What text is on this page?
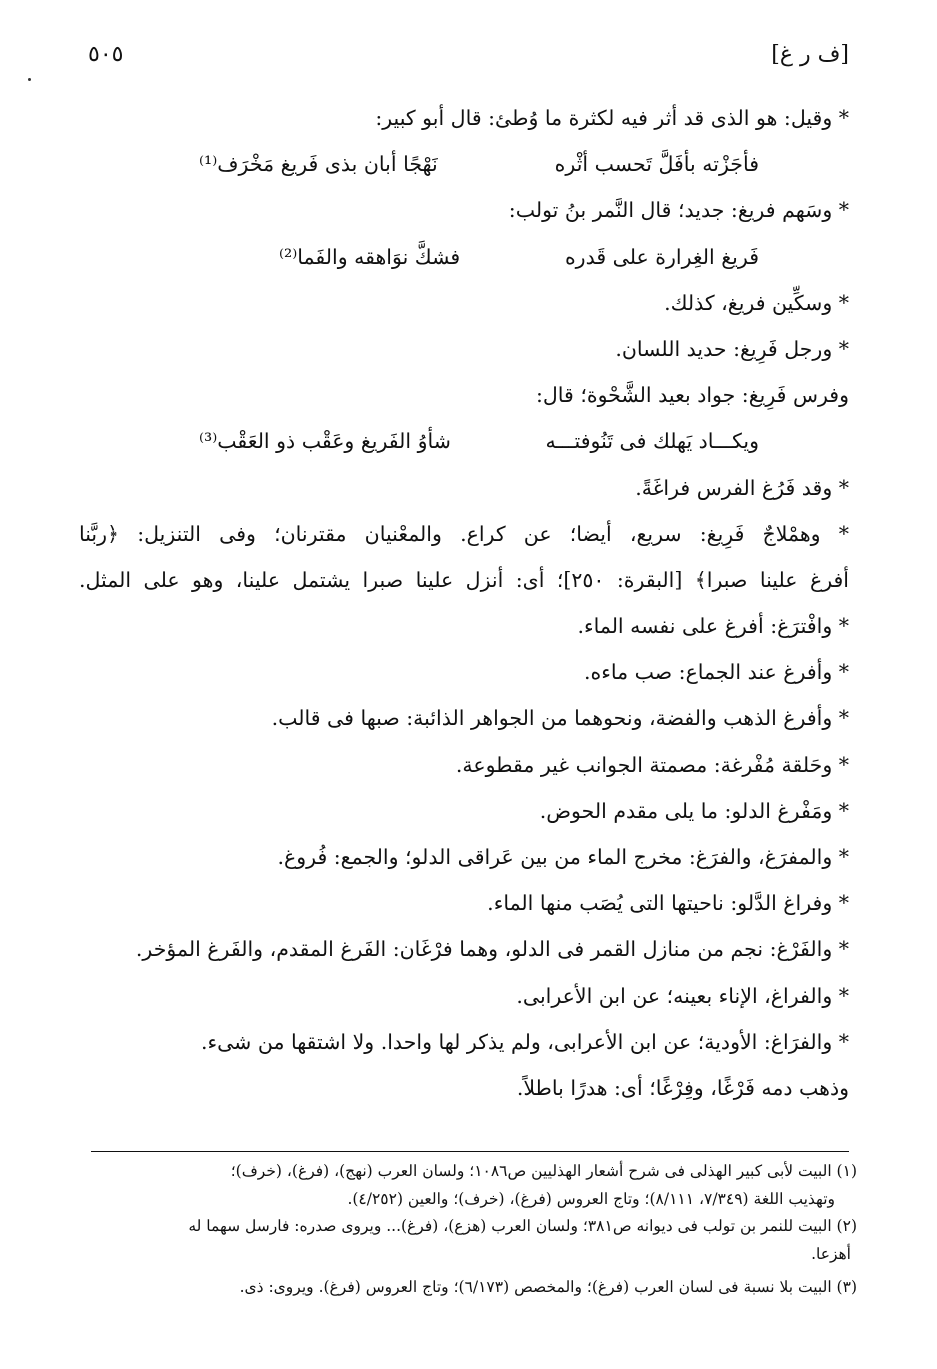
[ف ر غ]
٥٠٥
* وقيل: هو الذى قد أثر فيه لكثرة ما وُطئ: قال أبو كبير:
فأجَزْته بأفَلَّ تَحسب أثْره
نَهْجًا أبان بذى فَريغ مَخْرَف⁽¹⁾
* وسَهم فريغ: جديد؛ قال النَّمر بنُ تولب:
فَريغ الغِرارة على قَدره
فشكَّ نوَاهقه والفَما⁽²⁾
* وسكِّين فريغ، كذلك.
* ورجل فَرِيغ: حديد اللسان.
وفرس فَرِيغ: جواد بعيد الشَّحْوة؛ قال:
ويكـــاد يَهلك فى تَنُوفتـــه
شأوُ الفَريغ وعَقْب ذو العَقْب⁽³⁾
* وقد فَرُغ الفرس فراغَةً.
* وهمْلاجٌ فَرِيغ: سريع، أيضا؛ عن كراع. والمعْنيان مقترنان؛ وفى التنزيل: ﴿ربَّنا
أفرغ علينا صبرا﴾ [البقرة: ٢٥٠]؛ أى: أنزل علينا صبرا يشتمل علينا، وهو على المثل.
* وافْترَغ: أفرغ على نفسه الماء.
* وأفرغ عند الجماع: صب ماءه.
* وأفرغ الذهب والفضة، ونحوهما من الجواهر الذائبة: صبها فى قالب.
* وحَلقة مُفْرغة: مصمتة الجوانب غير مقطوعة.
* ومَفْرغ الدلو: ما يلى مقدم الحوض.
* والمفرَغ، والفرَغ: مخرج الماء من بين عَراقى الدلو؛ والجمع: فُروغ.
* وفراغ الدَّلو: ناحيتها التى يُصَب منها الماء.
* والفَرْغ: نجم من منازل القمر فى الدلو، وهما فرْغَان: الفَرغ المقدم، والفَرغ المؤخر.
* والفراغ، الإناء بعينه؛ عن ابن الأعرابى.
* والفرَاغ: الأودية؛ عن ابن الأعرابى، ولم يذكر لها واحدا. ولا اشتقها من شىء.
وذهب دمه فَرْغًا، وفِرْغًا؛ أى: هدرًا باطلاً.
(١) البيت لأبى كبير الهذلى فى شرح أشعار الهذليين ص١٠٨٦؛ ولسان العرب (نهج)، (فرغ)، (خرف)؛
وتهذيب اللغة (٧/٣٤٩، ٨/١١١)؛ وتاج العروس (فرغ)، (خرف)؛ والعين (٤/٢٥٢).
(٢) البيت للنمر بن تولب فى ديوانه ص٣٨١؛ ولسان العرب (هزع)، (فرغ)... ويروى صدره: فارسل سهما له
أهزعا.
(٣) البيت بلا نسبة فى لسان العرب (فرغ)؛ والمخصص (٦/١٧٣)؛ وتاج العروس (فرغ). ويروى: ذى.
